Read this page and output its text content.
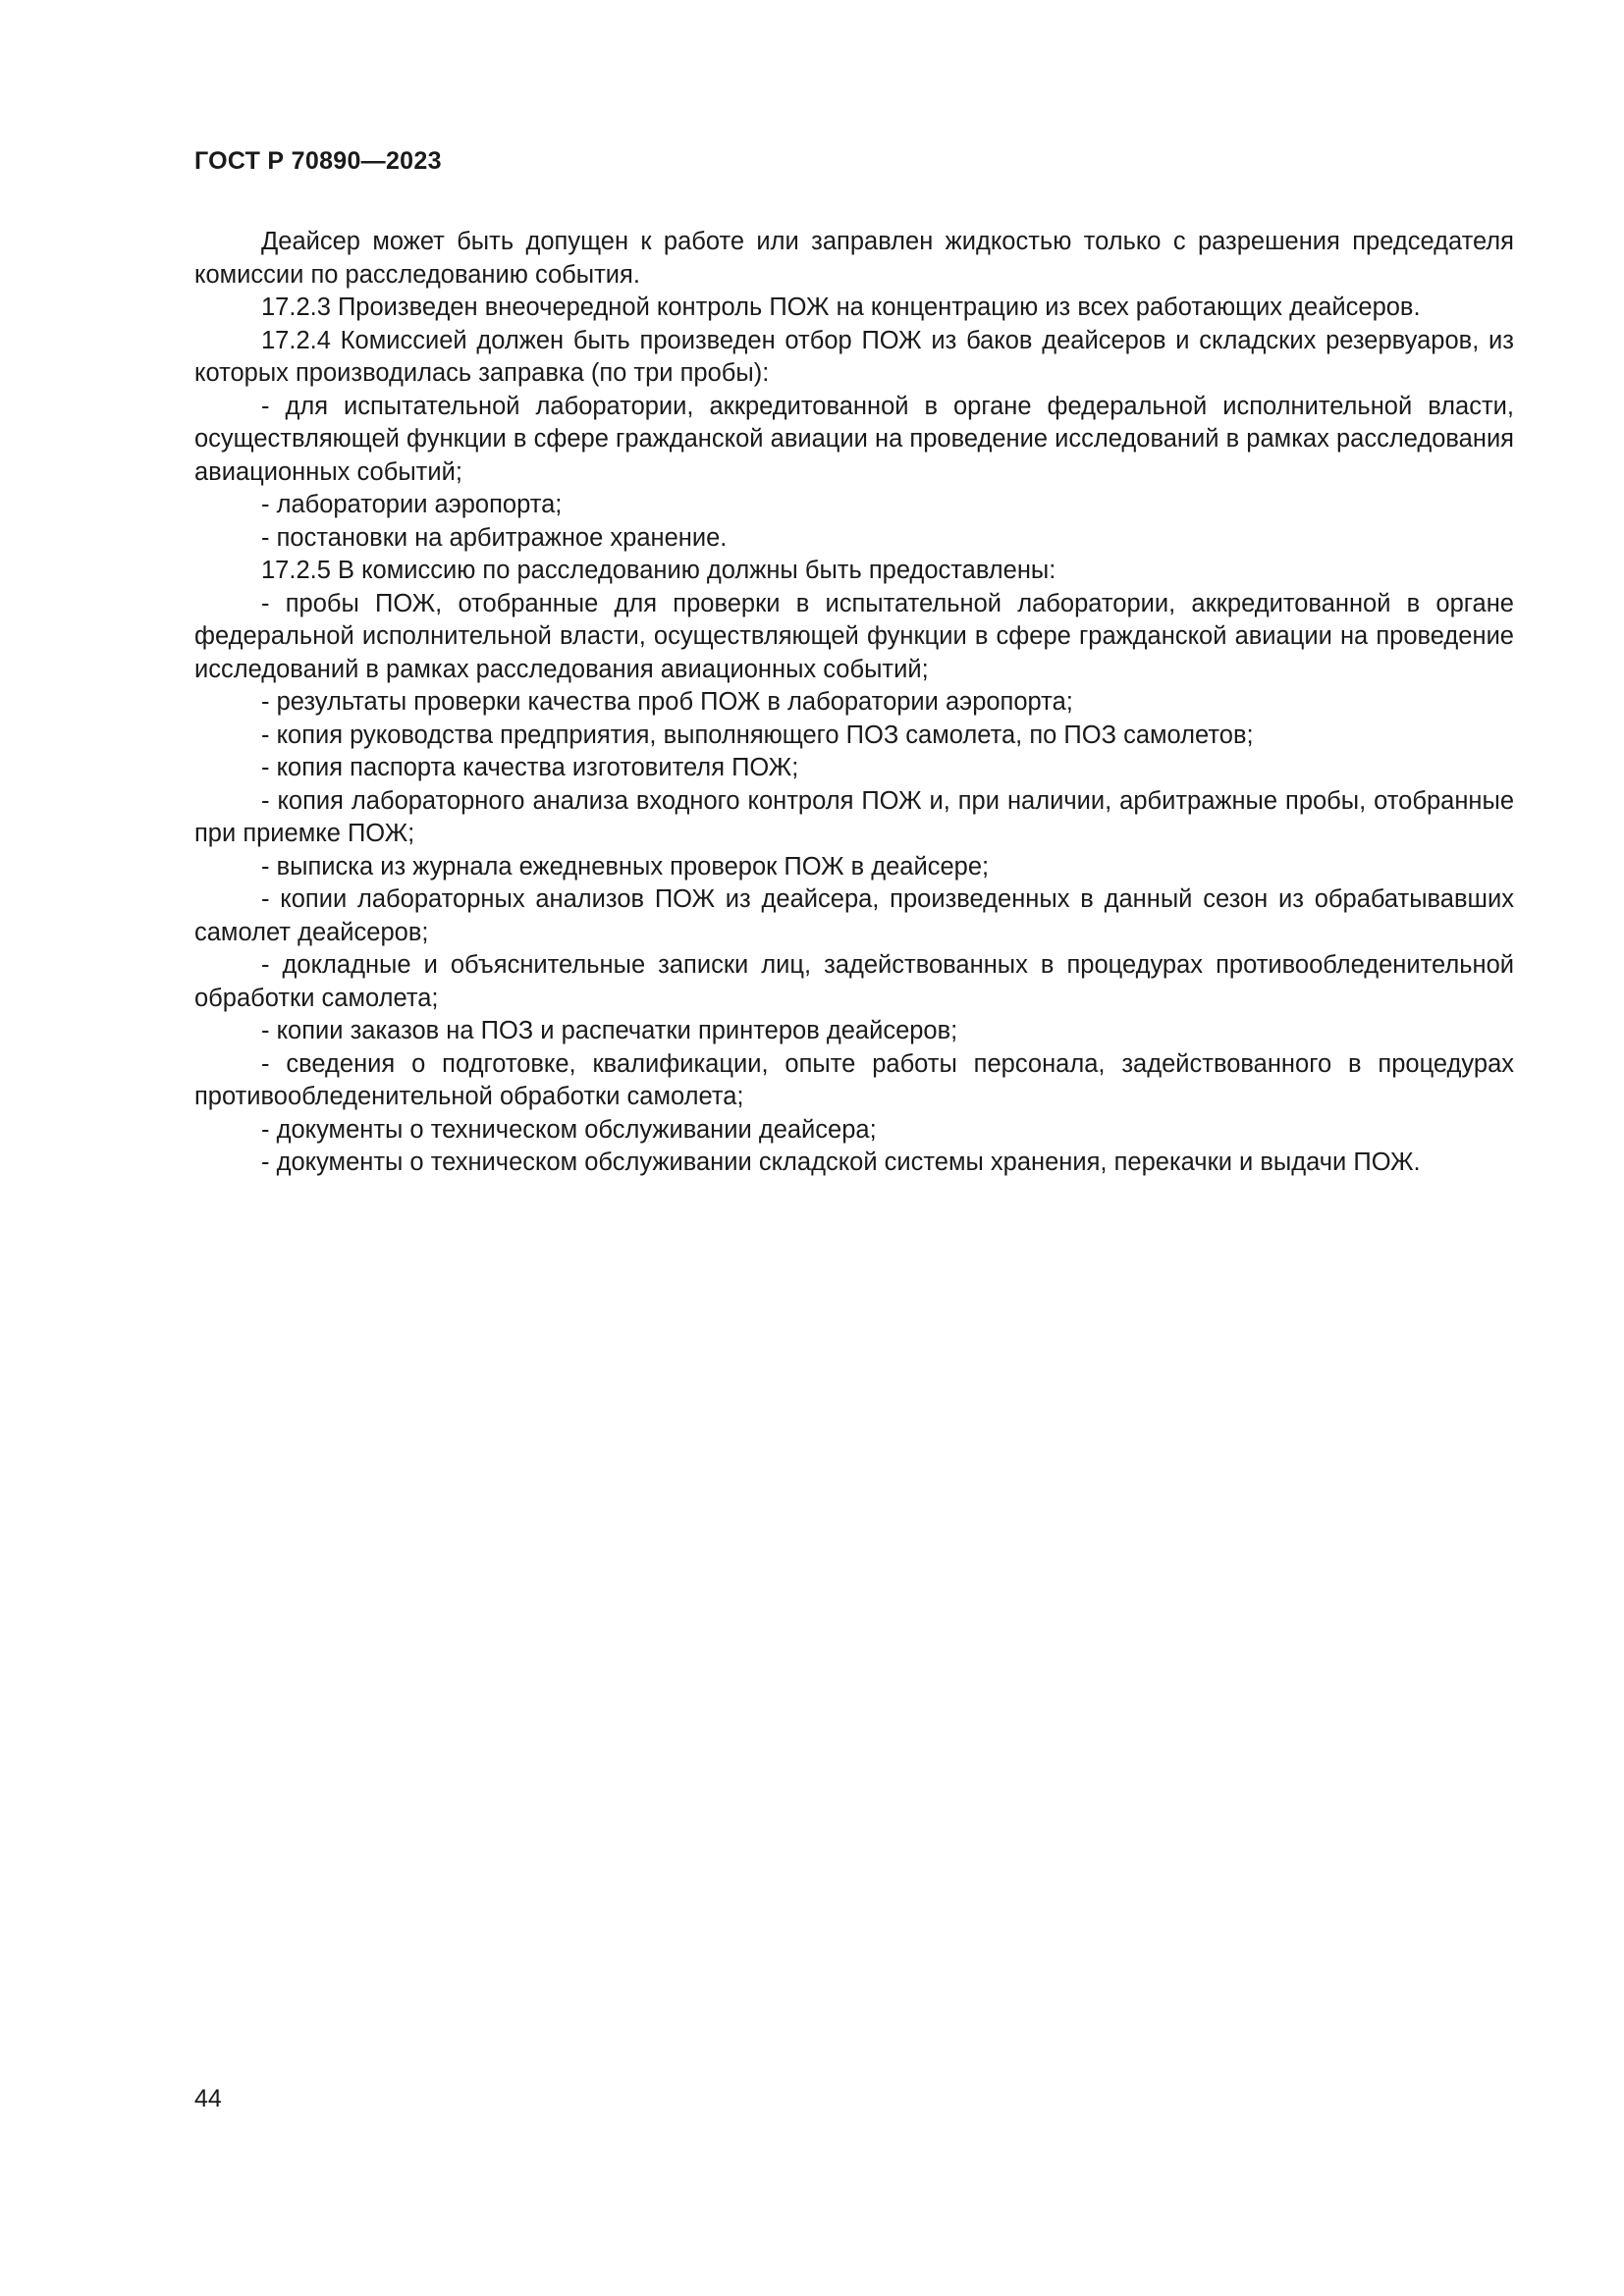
ГОСТ Р 70890—2023

Деайсер может быть допущен к работе или заправлен жидкостью только с разрешения председателя комиссии по расследованию события.

17.2.3 Произведен внеочередной контроль ПОЖ на концентрацию из всех работающих деайсеров.

17.2.4 Комиссией должен быть произведен отбор ПОЖ из баков деайсеров и складских резервуаров, из которых производилась заправка (по три пробы):

- для испытательной лаборатории, аккредитованной в органе федеральной исполнительной власти, осуществляющей функции в сфере гражданской авиации на проведение исследований в рамках расследования авиационных событий;

- лаборатории аэропорта;

- постановки на арбитражное хранение.

17.2.5 В комиссию по расследованию должны быть предоставлены:

- пробы ПОЖ, отобранные для проверки в испытательной лаборатории, аккредитованной в органе федеральной исполнительной власти, осуществляющей функции в сфере гражданской авиации на проведение исследований в рамках расследования авиационных событий;

- результаты проверки качества проб ПОЖ в лаборатории аэропорта;

- копия руководства предприятия, выполняющего ПОЗ самолета, по ПОЗ самолетов;

- копия паспорта качества изготовителя ПОЖ;

- копия лабораторного анализа входного контроля ПОЖ и, при наличии, арбитражные пробы, отобранные при приемке ПОЖ;

- выписка из журнала ежедневных проверок ПОЖ в деайсере;

- копии лабораторных анализов ПОЖ из деайсера, произведенных в данный сезон из обрабатывавших самолет деайсеров;

- докладные и объяснительные записки лиц, задействованных в процедурах противообледенительной обработки самолета;

- копии заказов на ПОЗ и распечатки принтеров деайсеров;

- сведения о подготовке, квалификации, опыте работы персонала, задействованного в процедурах противообледенительной обработки самолета;

- документы о техническом обслуживании деайсера;

- документы о техническом обслуживании складской системы хранения, перекачки и выдачи ПОЖ.

44
